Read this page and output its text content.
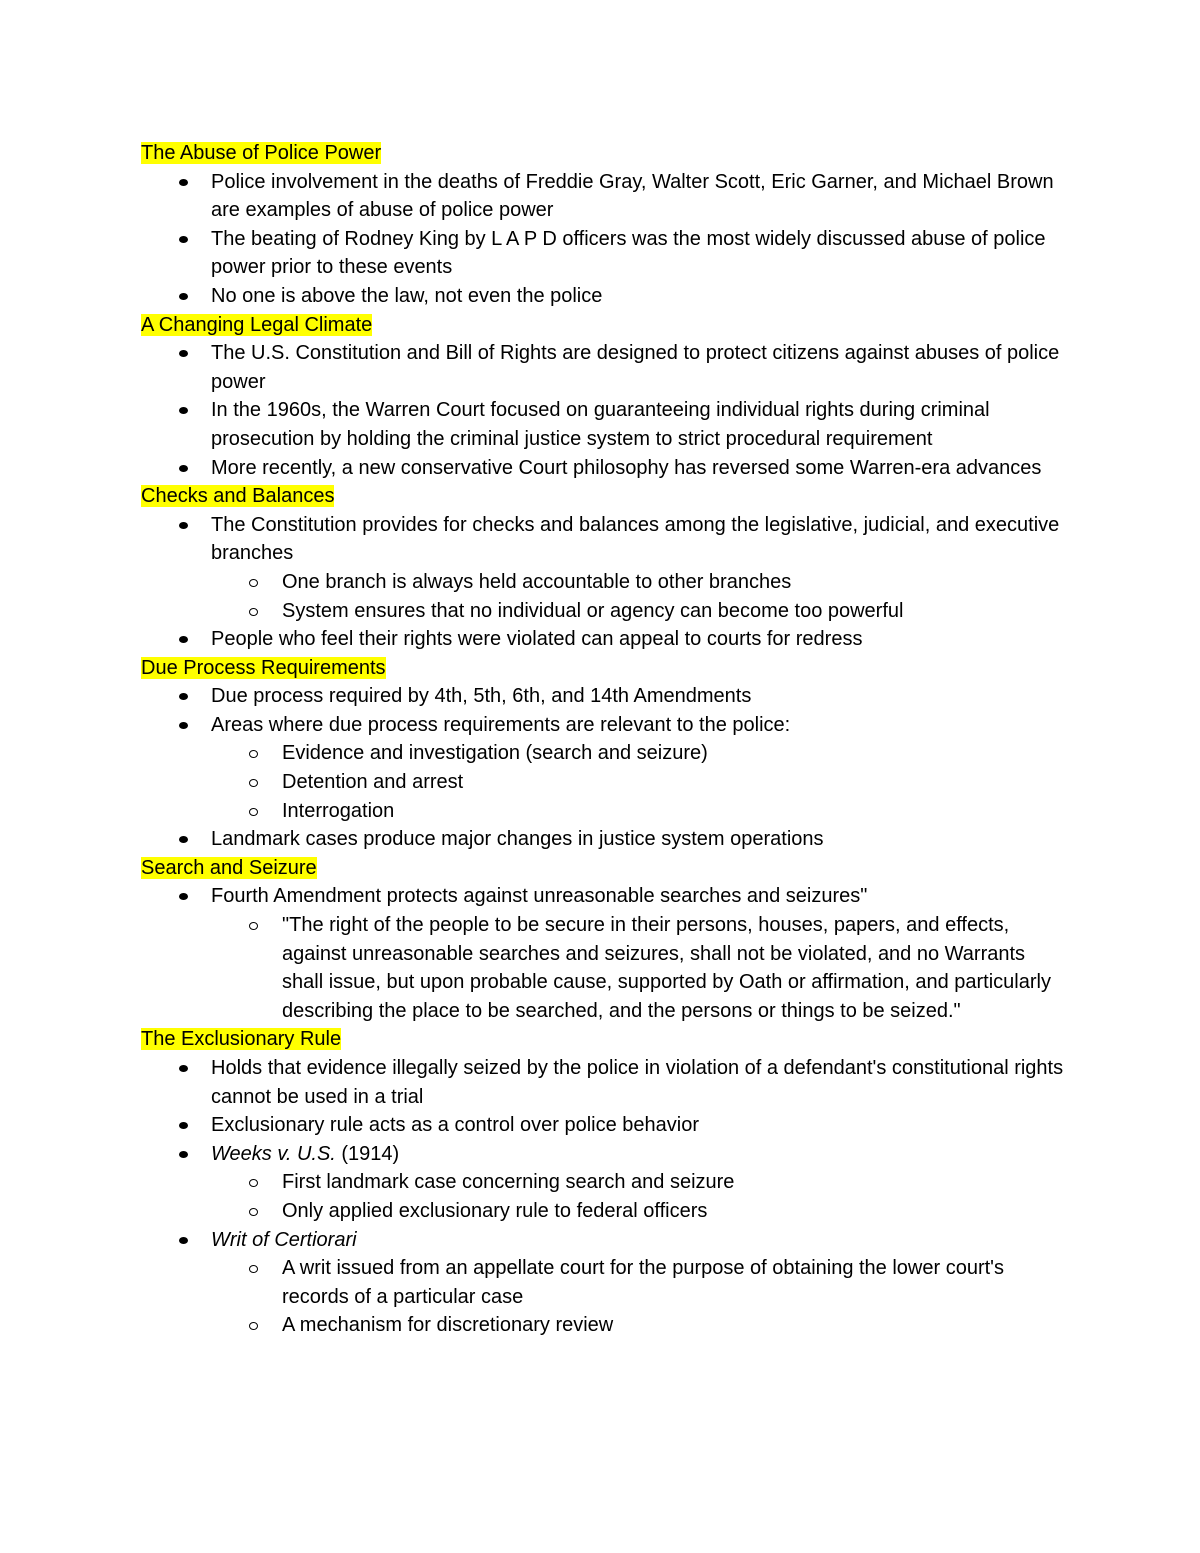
The Abuse of Police Power
Police involvement in the deaths of Freddie Gray, Walter Scott, Eric Garner, and Michael Brown are examples of abuse of police power
The beating of Rodney King by L A P D officers was the most widely discussed abuse of police power prior to these events
No one is above the law, not even the police
A Changing Legal Climate
The U.S. Constitution and Bill of Rights are designed to protect citizens against abuses of police power
In the 1960s, the Warren Court focused on guaranteeing individual rights during criminal prosecution by holding the criminal justice system to strict procedural requirement
More recently, a new conservative Court philosophy has reversed some Warren-era advances
Checks and Balances
The Constitution provides for checks and balances among the legislative, judicial, and executive branches
One branch is always held accountable to other branches
System ensures that no individual or agency can become too powerful
People who feel their rights were violated can appeal to courts for redress
Due Process Requirements
Due process required by 4th, 5th, 6th, and 14th Amendments
Areas where due process requirements are relevant to the police:
Evidence and investigation (search and seizure)
Detention and arrest
Interrogation
Landmark cases produce major changes in justice system operations
Search and Seizure
Fourth Amendment protects against unreasonable searches and seizures"
"The right of the people to be secure in their persons, houses, papers, and effects, against unreasonable searches and seizures, shall not be violated, and no Warrants shall issue, but upon probable cause, supported by Oath or affirmation, and particularly describing the place to be searched, and the persons or things to be seized."
The Exclusionary Rule
Holds that evidence illegally seized by the police in violation of a defendant's constitutional rights cannot be used in a trial
Exclusionary rule acts as a control over police behavior
Weeks v. U.S. (1914)
First landmark case concerning search and seizure
Only applied exclusionary rule to federal officers
Writ of Certiorari
A writ issued from an appellate court for the purpose of obtaining the lower court's records of a particular case
A mechanism for discretionary review
